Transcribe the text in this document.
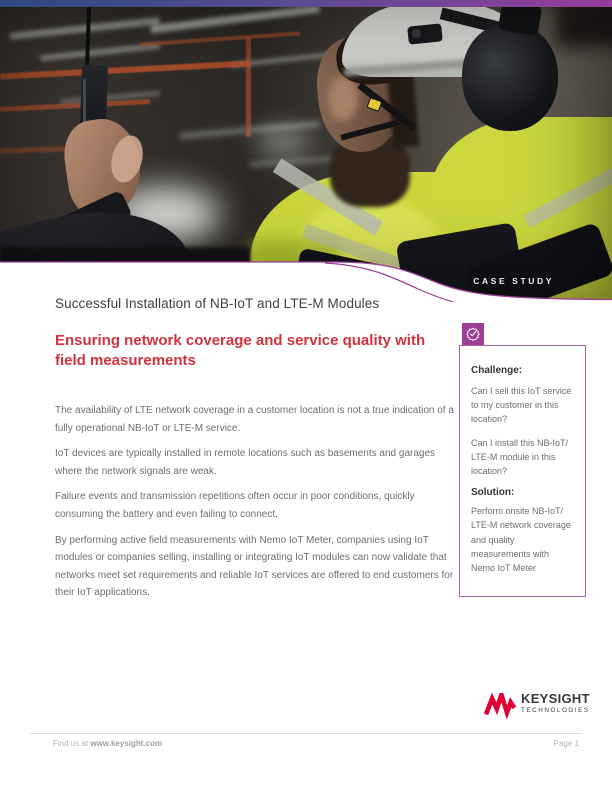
CASE STUDY
Successful Installation of NB-IoT and LTE-M Modules
Ensuring network coverage and service quality with field measurements

The availability of LTE network coverage in a customer location is not a true indication of a fully operational NB-IoT or LTE-M service.

IoT devices are typically installed in remote locations such as basements and garages where the network signals are weak.

Failure events and transmission repetitions often occur in poor conditions, quickly consuming the battery and even failing to connect.

By performing active field measurements with Nemo IoT Meter, companies using IoT modules or companies selling, installing or integrating IoT modules can now validate that networks meet set requirements and reliable IoT services are offered to end customers for their IoT applications.

Challenge:

Can I sell this IoT service to my customer in this location?

Can I install this NB-IoT/ LTE-M module in this location?

Solution:

Perform onsite NB-IoT/ LTE-M network coverage and quality measurements with Nemo IoT Meter

KEYSIGHT
TECHNOLOGIES
Find us at www.keysight.com	Page 1
